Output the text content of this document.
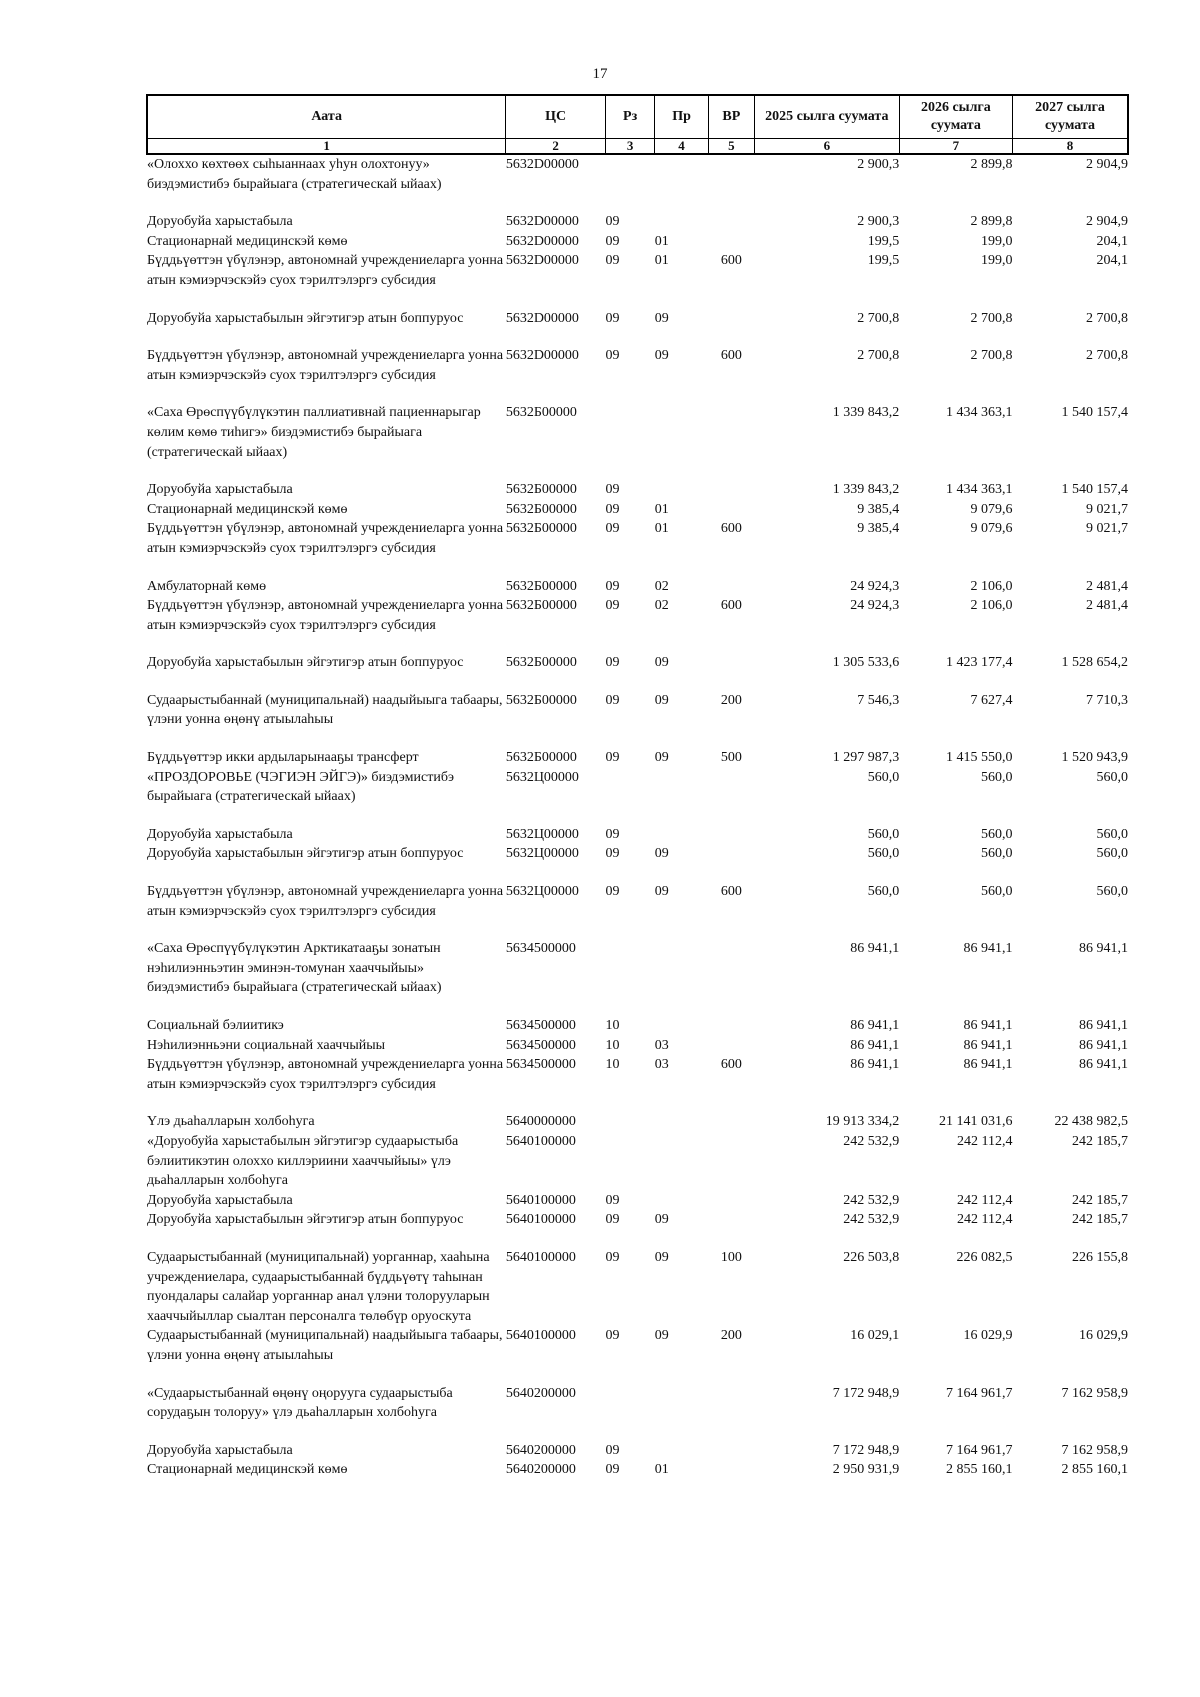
17
Аата	ЦС	Рз	Пр	ВР	2025 сылга суумата	2026 сылга суумата	2027 сылга суумата
1	2	3	4	5	6	7	8
«Олоххо көхтөөх сыһыаннаах уһун олохтонуу» биэдэмистибэ бырайыага (стратегическай ыйаах)	5632D00000				2 900,3	2 899,8	2 904,9
Доруобуйа харыстабыла	5632D00000	09			2 900,3	2 899,8	2 904,9
Стационарнай медицинскэй көмө	5632D00000	09	01		199,5	199,0	204,1
Бүддьүөттэн үбүлэнэр, автономнай учреждениеларга уонна атын кэмиэрчэскэйэ суох тэрилтэлэргэ субсидия	5632D00000	09	01	600	199,5	199,0	204,1
Доруобуйа харыстабылын эйгэтигэр атын боппуруос	5632D00000	09	09		2 700,8	2 700,8	2 700,8
Бүддьүөттэн үбүлэнэр, автономнай учреждениеларга уонна атын кэмиэрчэскэйэ суох тэрилтэлэргэ субсидия	5632D00000	09	09	600	2 700,8	2 700,8	2 700,8
«Саха Өрөспүүбүлүкэтин паллиативнай пациеннарыгар көлим көмө тиһигэ» биэдэмистибэ бырайыага (стратегическай ыйаах)	5632Б00000				1 339 843,2	1 434 363,1	1 540 157,4
Доруобуйа харыстабыла	5632Б00000	09			1 339 843,2	1 434 363,1	1 540 157,4
Стационарнай медицинскэй көмө	5632Б00000	09	01		9 385,4	9 079,6	9 021,7
Бүддьүөттэн үбүлэнэр, автономнай учреждениеларга уонна атын кэмиэрчэскэйэ суох тэрилтэлэргэ субсидия	5632Б00000	09	01	600	9 385,4	9 079,6	9 021,7
Амбулаторнай көмө	5632Б00000	09	02		24 924,3	2 106,0	2 481,4
Бүддьүөттэн үбүлэнэр, автономнай учреждениеларга уонна атын кэмиэрчэскэйэ суох тэрилтэлэргэ субсидия	5632Б00000	09	02	600	24 924,3	2 106,0	2 481,4
Доруобуйа харыстабылын эйгэтигэр атын боппуруос	5632Б00000	09	09		1 305 533,6	1 423 177,4	1 528 654,2
Судаарыстыбаннай (муниципальнай) наадыйыыга табаары, үлэни уонна өңөнү атыылаһыы	5632Б00000	09	09	200	7 546,3	7 627,4	7 710,3
Бүддьүөттэр икки ардыларынааҕы трансферт	5632Б00000	09	09	500	1 297 987,3	1 415 550,0	1 520 943,9
«ПРОЗДОРОВЬЕ (ЧЭГИЭН ЭЙГЭ)» биэдэмистибэ бырайыага (стратегическай ыйаах)	5632Ц00000				560,0	560,0	560,0
Доруобуйа харыстабыла	5632Ц00000	09			560,0	560,0	560,0
Доруобуйа харыстабылын эйгэтигэр атын боппуруос	5632Ц00000	09	09		560,0	560,0	560,0
Бүддьүөттэн үбүлэнэр, автономнай учреждениеларга уонна атын кэмиэрчэскэйэ суох тэрилтэлэргэ субсидия	5632Ц00000	09	09	600	560,0	560,0	560,0
«Саха Өрөспүүбүлүкэтин Арктикатааҕы зонатын нэһилиэнньэтин эминэн-томунан хааччыйыы» биэдэмистибэ бырайыага (стратегическай ыйаах)	5634500000				86 941,1	86 941,1	86 941,1
Социальнай бэлиитикэ	5634500000	10			86 941,1	86 941,1	86 941,1
Нэһилиэнньэни социальнай хааччыйыы	5634500000	10	03		86 941,1	86 941,1	86 941,1
Бүддьүөттэн үбүлэнэр, автономнай учреждениеларга уонна атын кэмиэрчэскэйэ суох тэрилтэлэргэ субсидия	5634500000	10	03	600	86 941,1	86 941,1	86 941,1
Үлэ дьаһалларын холбоһуга	5640000000				19 913 334,2	21 141 031,6	22 438 982,5
«Доруобуйа харыстабылын эйгэтигэр судаарыстыба бэлиитикэтин олоххо киллэриини хааччыйыы» үлэ дьаһалларын холбоһуга	5640100000				242 532,9	242 112,4	242 185,7
Доруобуйа харыстабыла	5640100000	09			242 532,9	242 112,4	242 185,7
Доруобуйа харыстабылын эйгэтигэр атын боппуруос	5640100000	09	09		242 532,9	242 112,4	242 185,7
Судаарыстыбаннай (муниципальнай) уорганнар, хааһына учреждениелара, судаарыстыбаннай бүддьүөтү таһынан пуондалары салайар уорганнар анал үлэни толорууларын хааччыйыллар сыалтан персоналга төлөбүр оруоскута	5640100000	09	09	100	226 503,8	226 082,5	226 155,8
Судаарыстыбаннай (муниципальнай) наадыйыыга табаары, үлэни уонна өңөнү атыылаһыы	5640100000	09	09	200	16 029,1	16 029,9	16 029,9
«Судаарыстыбаннай өңөнү оңорууга судаарыстыба сорудаҕын толоруу» үлэ дьаһалларын холбоһуга	5640200000				7 172 948,9	7 164 961,7	7 162 958,9
Доруобуйа харыстабыла	5640200000	09			7 172 948,9	7 164 961,7	7 162 958,9
Стационарнай медицинскэй көмө	5640200000	09	01		2 950 931,9	2 855 160,1	2 855 160,1
